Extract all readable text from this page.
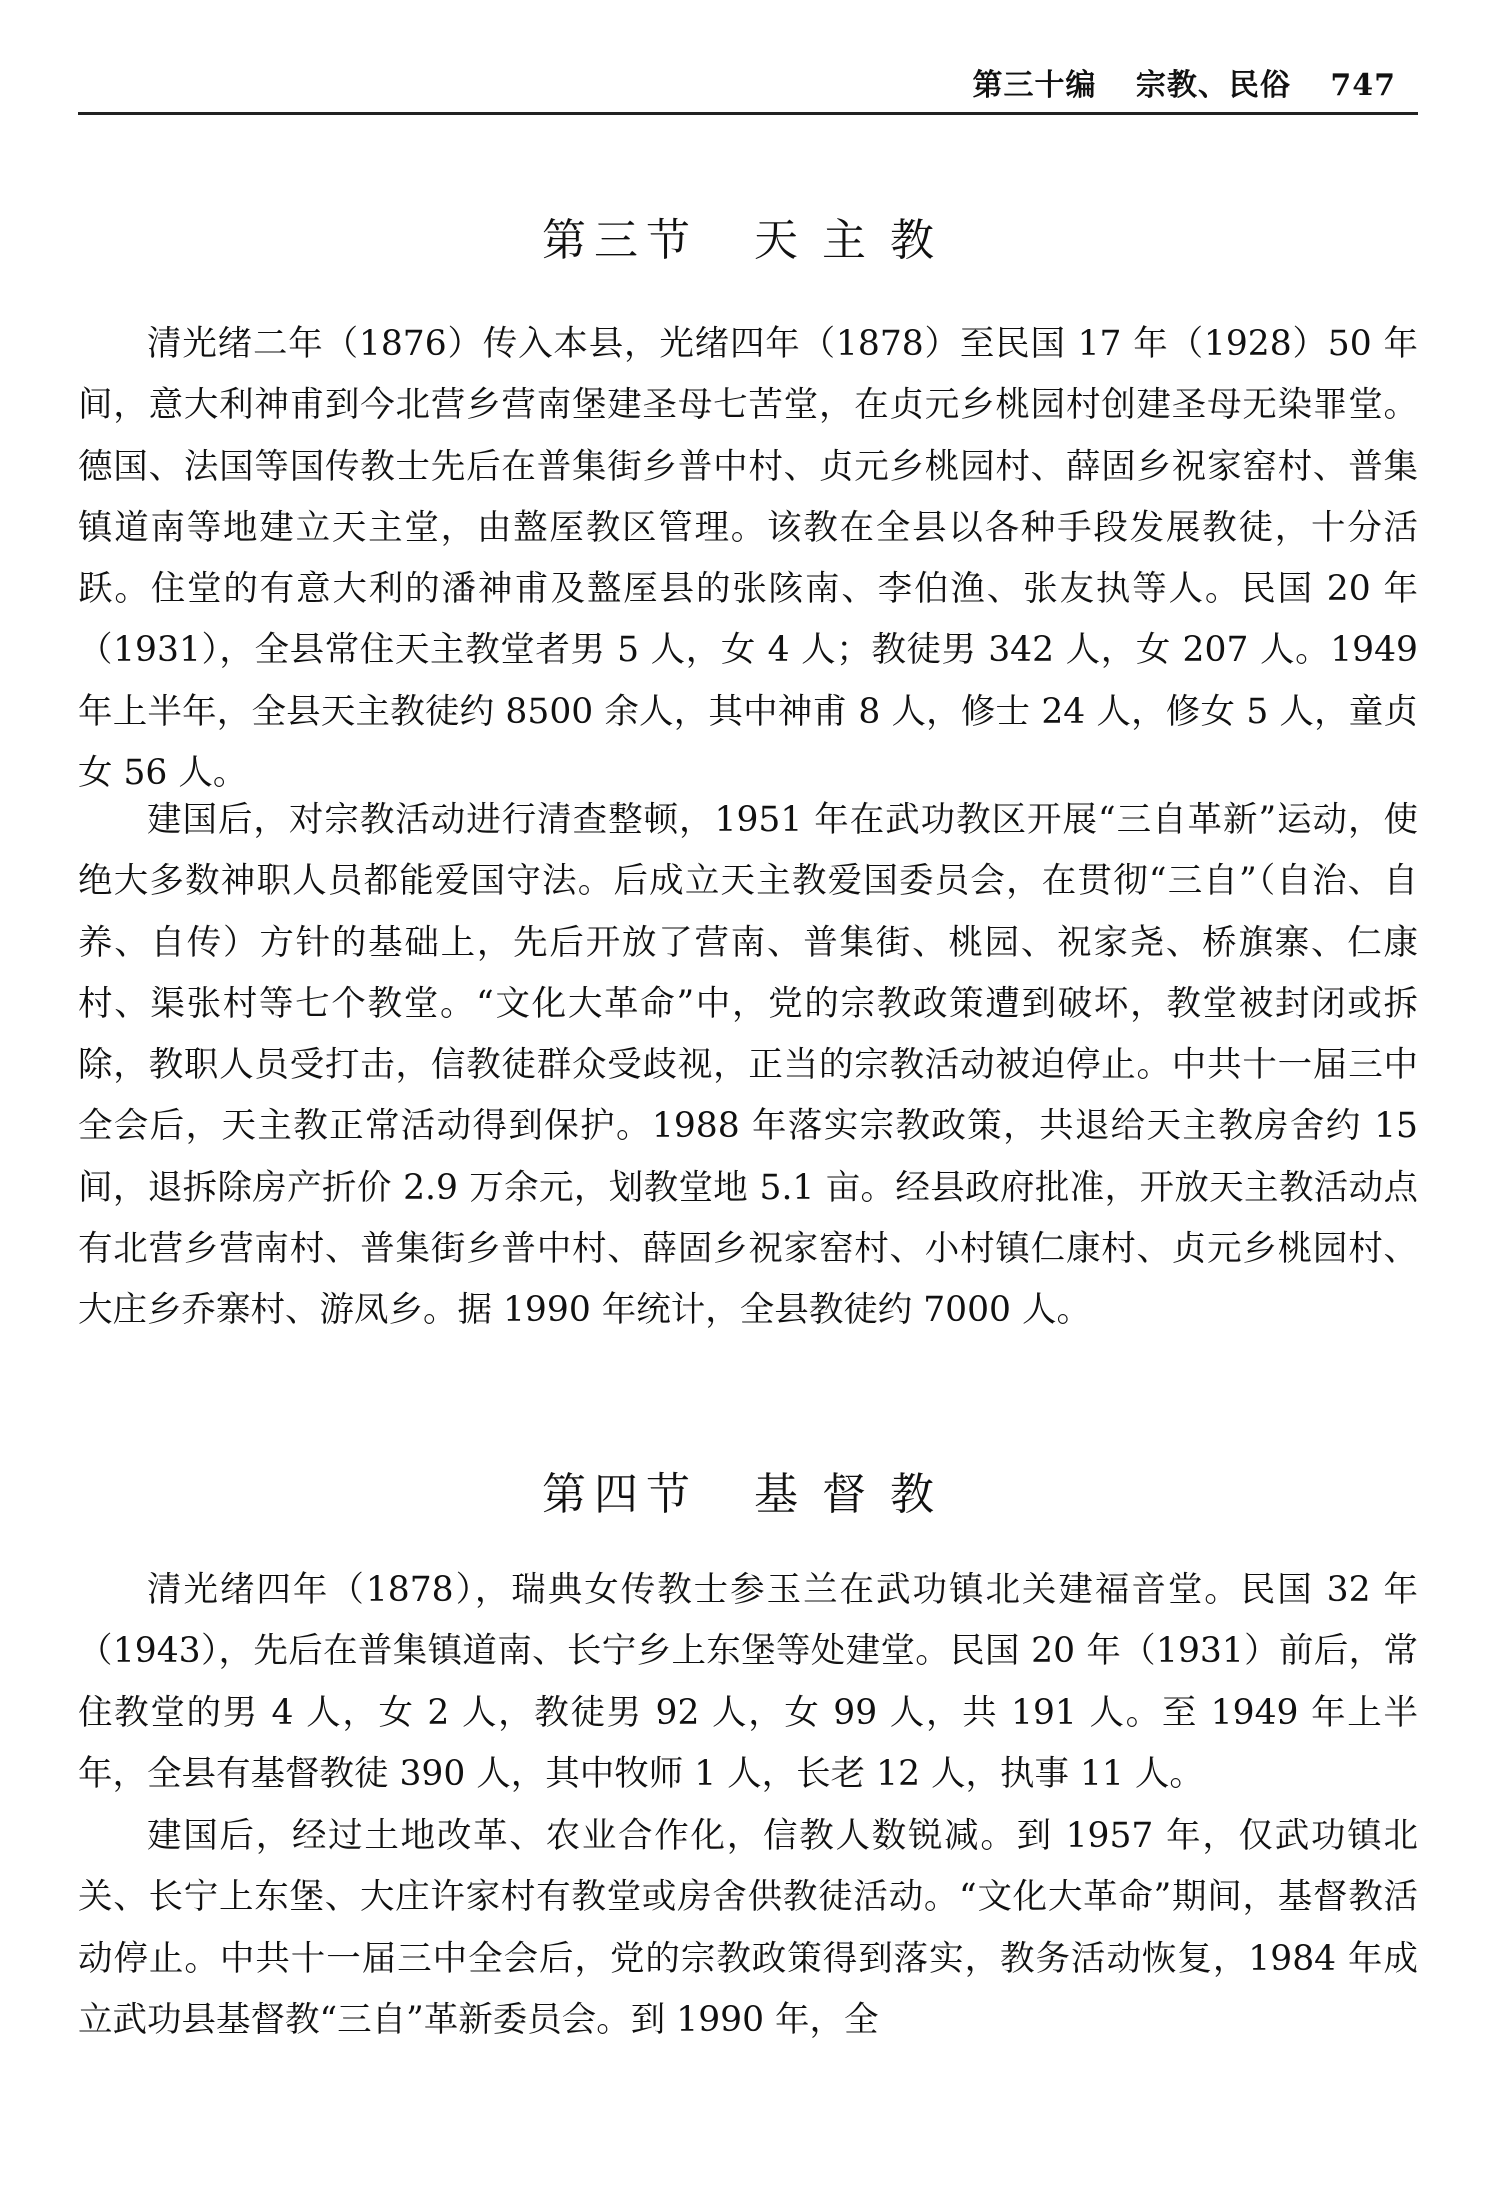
第三十编 宗教、民俗 747
第三节 天主教
清光绪二年（1876）传入本县，光绪四年（1878）至民国 17 年（1928）50 年间，意大利神甫到今北营乡营南堡建圣母七苦堂，在贞元乡桃园村创建圣母无染罪堂。德国、法国等国传教士先后在普集街乡普中村、贞元乡桃园村、薛固乡祝家窑村、普集镇道南等地建立天主堂，由盩厔教区管理。该教在全县以各种手段发展教徒，十分活跃。住堂的有意大利的潘神甫及盩厔县的张陔南、李伯渔、张友执等人。民国 20 年（1931），全县常住天主教堂者男 5 人，女 4 人；教徒男 342 人，女 207 人。1949 年上半年，全县天主教徒约 8500 余人，其中神甫 8 人，修士 24 人，修女 5 人，童贞女 56 人。
建国后，对宗教活动进行清查整顿，1951 年在武功教区开展“三自革新”运动，使绝大多数神职人员都能爱国守法。后成立天主教爱国委员会，在贯彻“三自”（自治、自养、自传）方针的基础上，先后开放了营南、普集街、桃园、祝家尧、桥旗寨、仁康村、渠张村等七个教堂。“文化大革命”中，党的宗教政策遭到破坏，教堂被封闭或拆除，教职人员受打击，信教徒群众受歧视，正当的宗教活动被迫停止。中共十一届三中全会后，天主教正常活动得到保护。1988 年落实宗教政策，共退给天主教房舍约 15 间，退拆除房产折价 2.9 万余元，划教堂地 5.1 亩。经县政府批准，开放天主教活动点有北营乡营南村、普集街乡普中村、薛固乡祝家窑村、小村镇仁康村、贞元乡桃园村、大庄乡乔寨村、游凤乡。据 1990 年统计，全县教徒约 7000 人。
第四节 基督教
清光绪四年（1878），瑞典女传教士参玉兰在武功镇北关建福音堂。民国 32 年（1943），先后在普集镇道南、长宁乡上东堡等处建堂。民国 20 年（1931）前后，常住教堂的男 4 人，女 2 人，教徒男 92 人，女 99 人，共 191 人。至 1949 年上半年，全县有基督教徒 390 人，其中牧师 1 人，长老 12 人，执事 11 人。
建国后，经过土地改革、农业合作化，信教人数锐减。到 1957 年，仅武功镇北关、长宁上东堡、大庄许家村有教堂或房舍供教徒活动。“文化大革命”期间，基督教活动停止。中共十一届三中全会后，党的宗教政策得到落实，教务活动恢复，1984 年成立武功县基督教“三自”革新委员会。到 1990 年，全
